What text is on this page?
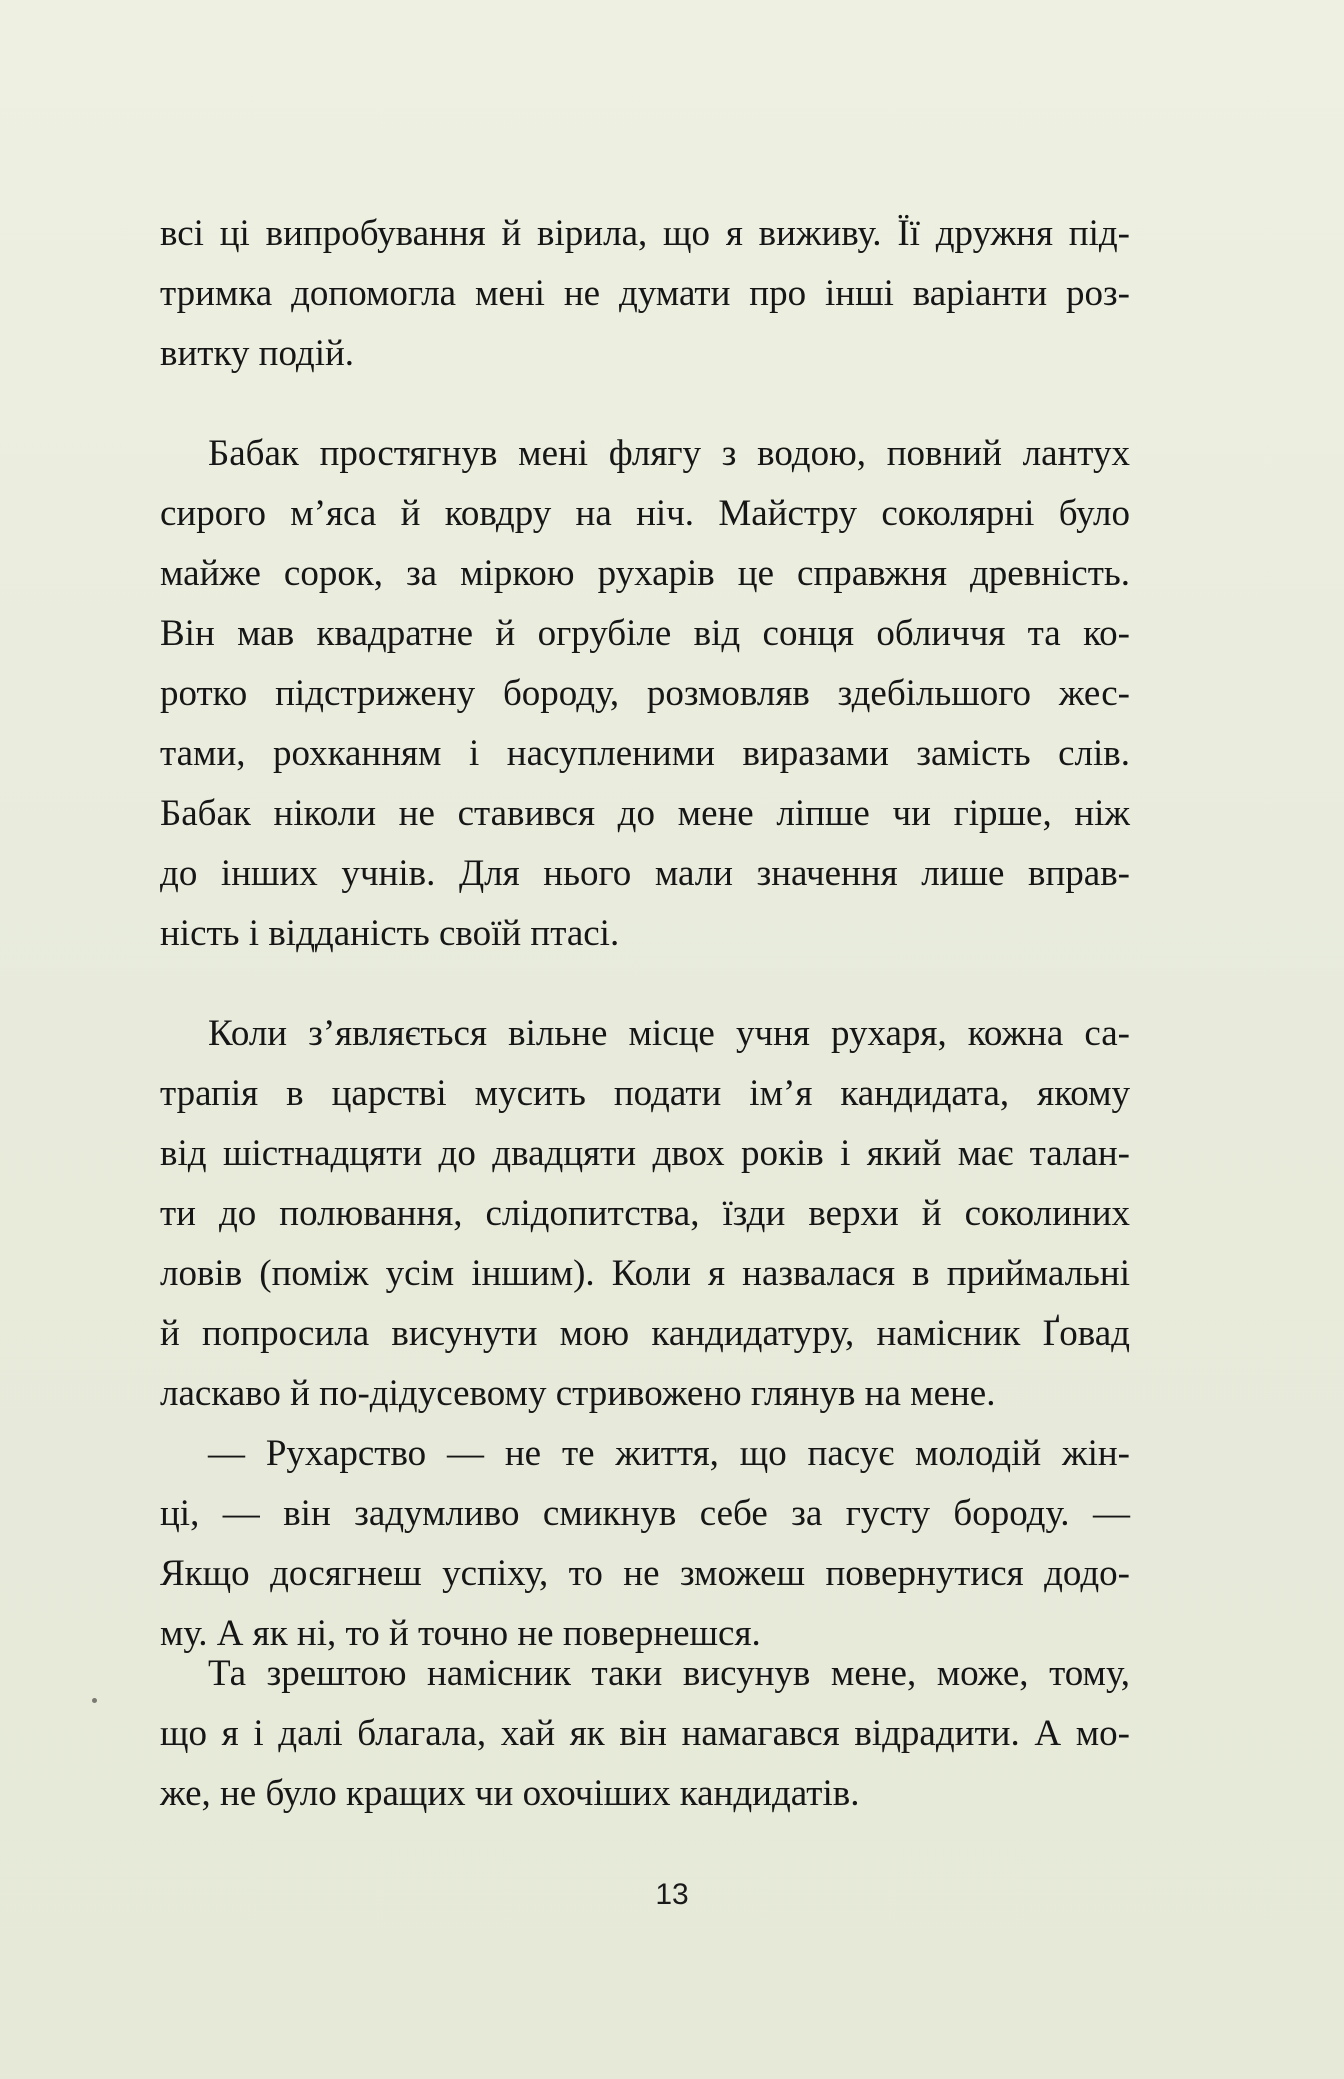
всі ці випробування й вірила, що я виживу. Її дружня під-
тримка допомогла мені не думати про інші варіанти роз-
витку подій.
Бабак простягнув мені флягу з водою, повний лантух
сирого м’яса й ковдру на ніч. Майстру соколярні було
майже сорок, за міркою рухарів це справжня древність.
Він мав квадратне й огрубіле від сонця обличчя та ко-
ротко підстрижену бороду, розмовляв здебільшого жес-
тами, рохканням і насупленими виразами замість слів.
Бабак ніколи не ставився до мене ліпше чи гірше, ніж
до інших учнів. Для нього мали значення лише вправ-
ність і відданість своїй птасі.
Коли з’являється вільне місце учня рухаря, кожна са-
трапія в царстві мусить подати ім’я кандидата, якому
від шістнадцяти до двадцяти двох років і який має талан-
ти до полювання, слідопитства, їзди верхи й соколиних
ловів (поміж усім іншим). Коли я назвалася в приймальні
й попросила висунути мою кандидатуру, намісник Ґовад
ласкаво й по-дідусевому стривожено глянув на мене.
— Рухарство — не те життя, що пасує молодій жін-
ці, — він задумливо смикнув себе за густу бороду. —
Якщо досягнеш успіху, то не зможеш повернутися додо-
му. А як ні, то й точно не повернешся.
Та зрештою намісник таки висунув мене, може, тому,
що я і далі благала, хай як він намагався відрадити. А мо-
же, не було кращих чи охочіших кандидатів.
13
